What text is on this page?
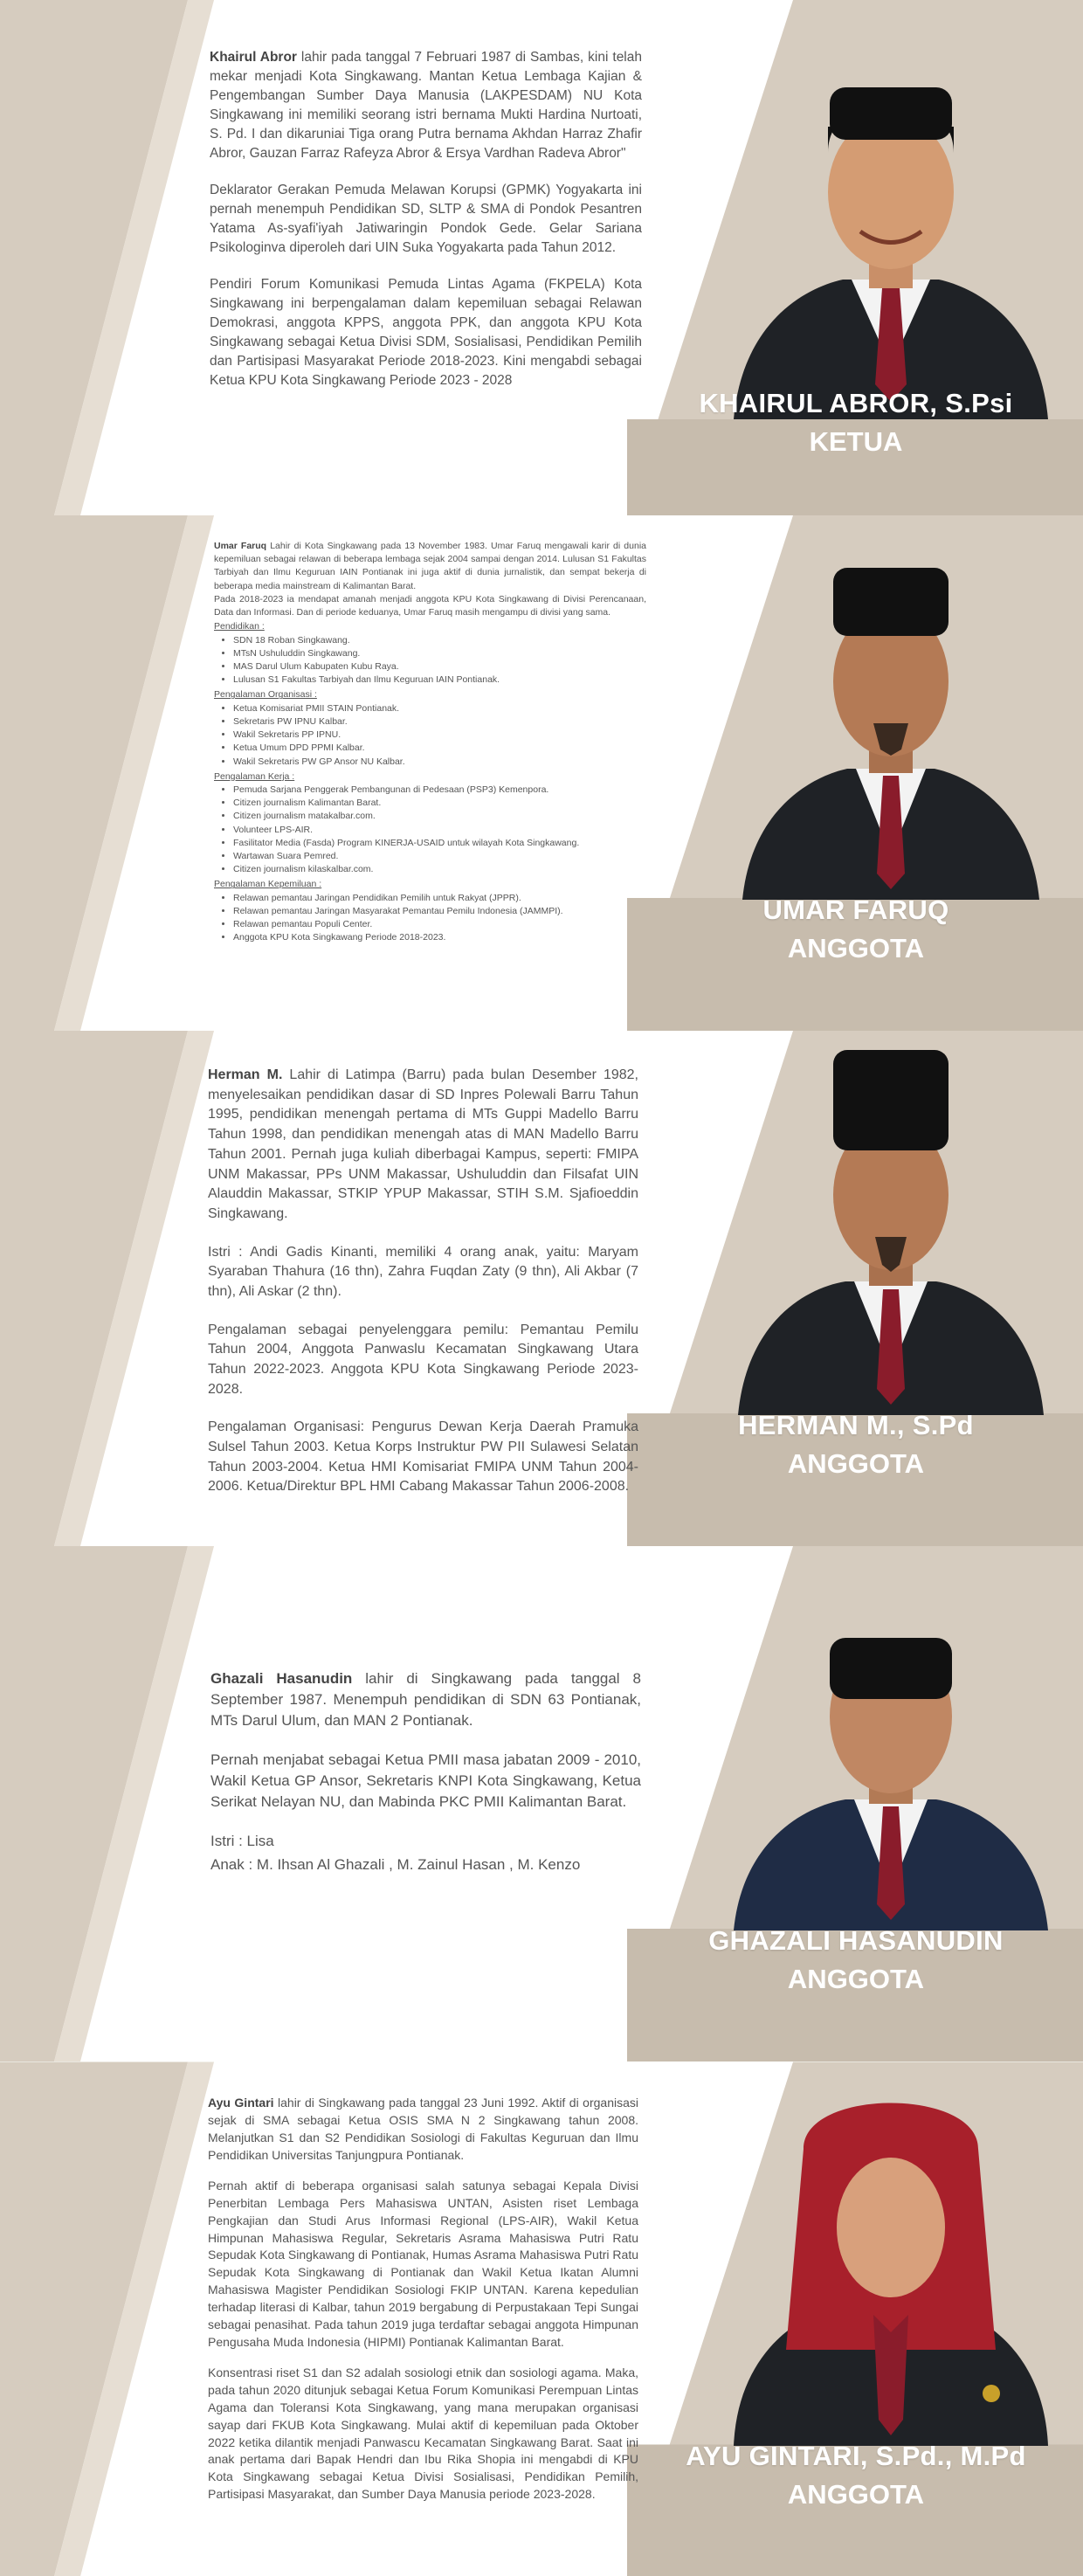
Khairul Abror lahir pada tanggal 7 Februari 1987 di Sambas, kini telah mekar menjadi Kota Singkawang. Mantan Ketua Lembaga Kajian & Pengembangan Sumber Daya Manusia (LAKPESDAM) NU Kota Singkawang ini memiliki seorang istri bernama Mukti Hardina Nurtoati, S. Pd. I dan dikaruniai Tiga orang Putra bernama Akhdan Harraz Zhafir Abror, Gauzan Farraz Rafeyza Abror & Ersya Vardhan Radeva Abror"

Deklarator Gerakan Pemuda Melawan Korupsi (GPMK) Yogyakarta ini pernah menempuh Pendidikan SD, SLTP & SMA di Pondok Pesantren Yatama As-syafi'iyah Jatiwaringin Pondok Gede. Gelar Sariana Psikologinva diperoleh dari UIN Suka Yogyakarta pada Tahun 2012.

Pendiri Forum Komunikasi Pemuda Lintas Agama (FKPELA) Kota Singkawang ini berpengalaman dalam kepemiluan sebagai Relawan Demokrasi, anggota KPPS, anggota PPK, dan anggota KPU Kota Singkawang sebagai Ketua Divisi SDM, Sosialisasi, Pendidikan Pemilih dan Partisipasi Masyarakat Periode 2018-2023. Kini mengabdi sebagai Ketua KPU Kota Singkawang Periode 2023 - 2028

KHAIRUL ABROR, S.Psi
KETUA

Umar Faruq Lahir di Kota Singkawang pada 13 November 1983. Umar Faruq mengawali karir di dunia kepemiluan sebagai relawan di beberapa lembaga sejak 2004 sampai dengan 2014. Lulusan S1 Fakultas Tarbiyah dan Ilmu Keguruan IAIN Pontianak ini juga aktif di dunia jurnalistik, dan sempat bekerja di beberapa media mainstream di Kalimantan Barat.

Pada 2018-2023 ia mendapat amanah menjadi anggota KPU Kota Singkawang di Divisi Perencanaan, Data dan Informasi. Dan di periode keduanya, Umar Faruq masih mengampu di divisi yang sama.

Pendidikan :

• SDN 18 Roban Singkawang.
• MTsN Ushuluddin Singkawang.
• MAS Darul Ulum Kabupaten Kubu Raya.
• Lulusan S1 Fakultas Tarbiyah dan Ilmu Keguruan IAIN Pontianak.

Pengalaman Organisasi :

• Ketua Komisariat PMII STAIN Pontianak.
• Sekretaris PW IPNU Kalbar.
• Wakil Sekretaris PP IPNU.
• Ketua Umum DPD PPMI Kalbar.
• Wakil Sekretaris PW GP Ansor NU Kalbar.

Pengalaman Kerja :

• Pemuda Sarjana Penggerak Pembangunan di Pedesaan (PSP3) Kemenpora.
• Citizen journalism Kalimantan Barat.
• Citizen journalism matakalbar.com.
• Volunteer LPS-AIR.
• Fasilitator Media (Fasda) Program KINERJA-USAID untuk wilayah Kota Singkawang.
• Wartawan Suara Pemred.
• Citizen journalism kilaskalbar.com.

Pengalaman Kepemiluan :

• Relawan pemantau Jaringan Pendidikan Pemilih untuk Rakyat (JPPR).
• Relawan pemantau Jaringan Masyarakat Pemantau Pemilu Indonesia (JAMMPI).
• Relawan pemantau Populi Center.
• Anggota KPU Kota Singkawang Periode 2018-2023.
UMAR FARUQ
ANGGOTA

Herman M. Lahir di Latimpa (Barru) pada bulan Desember 1982, menyelesaikan pendidikan dasar di SD Inpres Polewali Barru Tahun 1995, pendidikan menengah pertama di MTs Guppi Madello Barru Tahun 1998, dan pendidikan menengah atas di MAN Madello Barru Tahun 2001. Pernah juga kuliah diberbagai Kampus, seperti: FMIPA UNM Makassar, PPs UNM Makassar, Ushuluddin dan Filsafat UIN Alauddin Makassar, STKIP YPUP Makassar, STIH S.M. Sjafioeddin Singkawang.

Istri : Andi Gadis Kinanti, memiliki 4 orang anak, yaitu: Maryam Syaraban Thahura (16 thn), Zahra Fuqdan Zaty (9 thn), Ali Akbar (7 thn), Ali Askar (2 thn).

Pengalaman sebagai penyelenggara pemilu: Pemantau Pemilu Tahun 2004, Anggota Panwaslu Kecamatan Singkawang Utara Tahun 2022-2023. Anggota KPU Kota Singkawang Periode 2023-2028.

Pengalaman Organisasi: Pengurus Dewan Kerja Daerah Pramuka Sulsel Tahun 2003. Ketua Korps Instruktur PW PII Sulawesi Selatan Tahun 2003-2004. Ketua HMI Komisariat FMIPA UNM Tahun 2004-2006. Ketua/Direktur BPL HMI Cabang Makassar Tahun 2006-2008.

HERMAN M., S.Pd
ANGGOTA

Ghazali Hasanudin lahir di Singkawang pada tanggal 8 September 1987. Menempuh pendidikan di SDN 63 Pontianak, MTs Darul Ulum, dan MAN 2 Pontianak.

Pernah menjabat sebagai Ketua PMII masa jabatan 2009 - 2010, Wakil Ketua GP Ansor, Sekretaris KNPI Kota Singkawang, Ketua Serikat Nelayan NU, dan Mabinda PKC PMII Kalimantan Barat.

Istri : Lisa

Anak : M. Ihsan Al Ghazali , M. Zainul Hasan , M. Kenzo

GHAZALI HASANUDIN
ANGGOTA

Ayu Gintari lahir di Singkawang pada tanggal 23 Juni 1992. Aktif di organisasi sejak di SMA sebagai Ketua OSIS SMA N 2 Singkawang tahun 2008. Melanjutkan S1 dan S2 Pendidikan Sosiologi di Fakultas Keguruan dan Ilmu Pendidikan Universitas Tanjungpura Pontianak.

Pernah aktif di beberapa organisasi salah satunya sebagai Kepala Divisi Penerbitan Lembaga Pers Mahasiswa UNTAN, Asisten riset Lembaga Pengkajian dan Studi Arus Informasi Regional (LPS-AIR), Wakil Ketua Himpunan Mahasiswa Regular, Sekretaris Asrama Mahasiswa Putri Ratu Sepudak Kota Singkawang di Pontianak, Humas Asrama Mahasiswa Putri Ratu Sepudak Kota Singkawang di Pontianak dan Wakil Ketua Ikatan Alumni Mahasiswa Magister Pendidikan Sosiologi FKIP UNTAN. Karena kepedulian terhadap literasi di Kalbar, tahun 2019 bergabung di Perpustakaan Tepi Sungai sebagai penasihat. Pada tahun 2019 juga terdaftar sebagai anggota Himpunan Pengusaha Muda Indonesia (HIPMI) Pontianak Kalimantan Barat.

Konsentrasi riset S1 dan S2 adalah sosiologi etnik dan sosiologi agama. Maka, pada tahun 2020 ditunjuk sebagai Ketua Forum Komunikasi Perempuan Lintas Agama dan Toleransi Kota Singkawang, yang mana merupakan organisasi sayap dari FKUB Kota Singkawang. Mulai aktif di kepemiluan pada Oktober 2022 ketika dilantik menjadi Panwascu Kecamatan Singkawang Barat. Saat ini anak pertama dari Bapak Hendri dan Ibu Rika Shopia ini mengabdi di KPU Kota Singkawang sebagai Ketua Divisi Sosialisasi, Pendidikan Pemilih, Partisipasi Masyarakat, dan Sumber Daya Manusia periode 2023-2028.

AYU GINTARI, S.Pd., M.Pd
ANGGOTA
